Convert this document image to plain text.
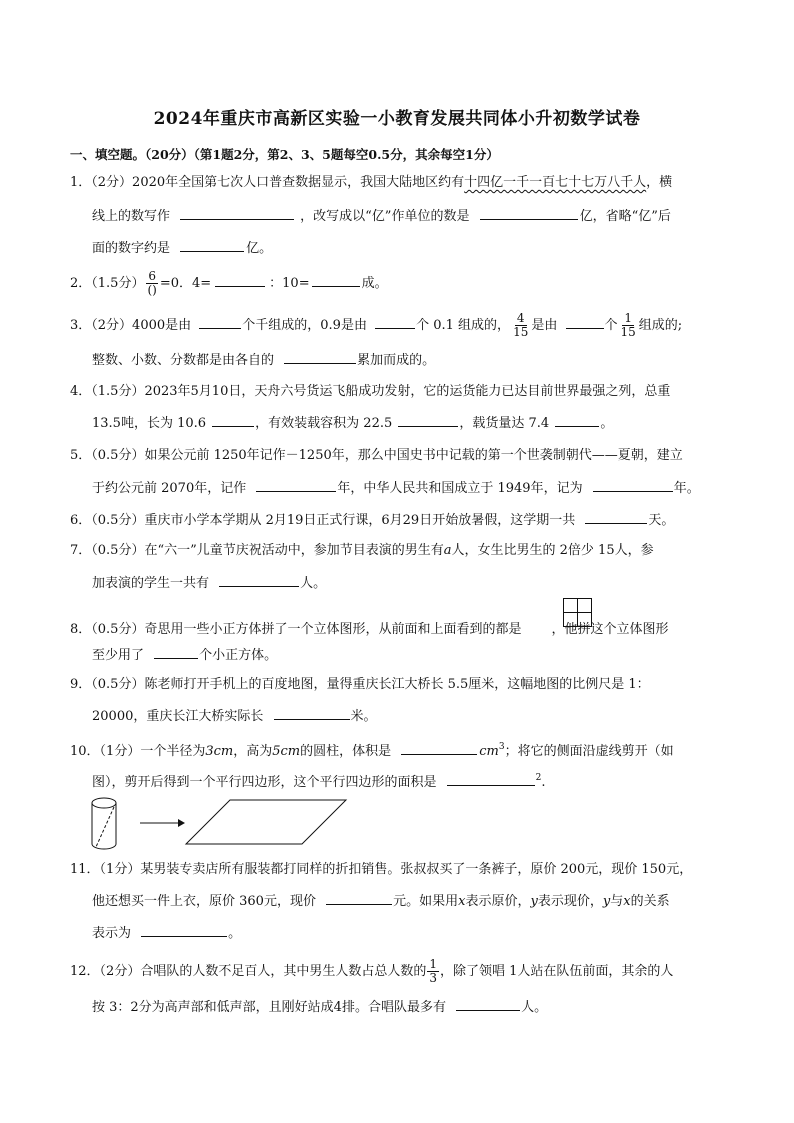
2024年重庆市高新区实验一小教育发展共同体小升初数学试卷
一、填空题。（20分）（第1题2分，第2、3、5题每空0.5分，其余每空1分）
1．（2分）2020年全国第七次人口普查数据显示，我国大陆地区约有十四亿一千一百七十七万八千人，横
线上的数写作	，改写成以“亿”作单位的数是	亿，省略“亿”后
面的数字约是	亿。
2．（1.5分） $\frac{6}{()} =0$．4=	：10=	成。
3．（2分）4000是由	个千组成的，0.9是由	个 0.1 组成的， $\frac{4}{15}$ 是由	个 $\frac{1}{15}$ 组成的;
整数、小数、分数都是由各自的	累加而成的。
4．（1.5分）2023年5月10日，天舟六号货运飞船成功发射，它的运货能力已达目前世界最强之列，总重
13.5吨，长为 10.6	，有效装载容积为 22.5	，载货量达 7.4	。
5．（0.5分）如果公元前 1250年记作－1250年，那么中国史书中记载的第一个世袭制朝代——夏朝，建立
于约公元前 2070年，记作	年，中华人民共和国成立于 1949年，记为	年。
6．（0.5分）重庆市小学本学期从 2月19日正式行课，6月29日开始放暑假，这学期一共	天。
7．（0.5分）在“六一”儿童节庆祝活动中，参加节目表演的男生有a人，女生比男生的 2倍少 15人，参
加表演的学生一共有	人。
8．（0.5分）奇思用一些小正方体拼了一个立体图形，从前面和上面看到的都是 ，他拼这个立体图形
至少用了	个小正方体。
9．（0.5分）陈老师打开手机上的百度地图，量得重庆长江大桥长 5.5厘米，这幅地图的比例尺是 1：
20000，重庆长江大桥实际长	米。
10．（1分）一个半径为3cm，高为5cm的圆柱，体积是	$cm^3$；将它的侧面沿虚线剪开（如
图），剪开后得到一个平行四边形，这个平行四边形的面积是	$^2$.
11．（1分）某男装专卖店所有服装都打同样的折扣销售。张叔叔买了一条裤子，原价 200元，现价 150元，
他还想买一件上衣，原价 360元，现价	元。如果用x表示原价，y表示现价，y与x的关系
表示为	。
12．（2分）合唱队的人数不足百人，其中男生人数占总人数的 $\frac{1}{3}$ ，除了领唱 1人站在队伍前面，其余的人
按 3：2分为高声部和低声部，且刚好站成4排。合唱队最多有	人。
